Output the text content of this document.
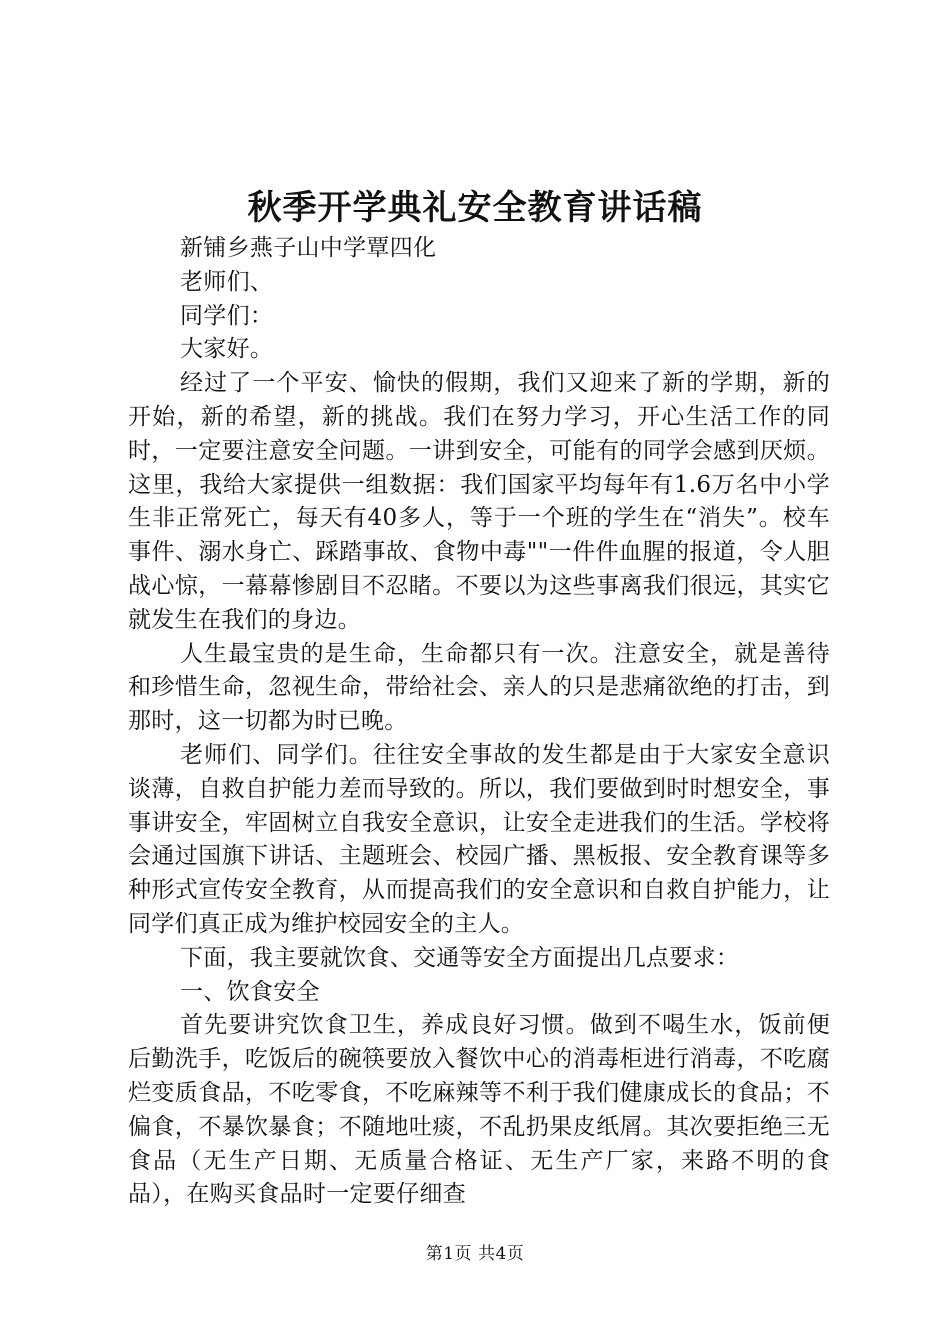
秋季开学典礼安全教育讲话稿

新铺乡燕子山中学覃四化

老师们、

同学们：

大家好。

经过了一个平安、愉快的假期，我们又迎来了新的学期，新的开始，新的希望，新的挑战。我们在努力学习，开心生活工作的同时，一定要注意安全问题。一讲到安全，可能有的同学会感到厌烦。这里，我给大家提供一组数据：我们国家平均每年有1.6万名中小学生非正常死亡，每天有40多人，等于一个班的学生在“消失”。校车事件、溺水身亡、踩踏事故、食物中毒""一件件血腥的报道，令人胆战心惊，一幕幕惨剧目不忍睹。不要以为这些事离我们很远，其实它就发生在我们的身边。

人生最宝贵的是生命，生命都只有一次。注意安全，就是善待和珍惜生命，忽视生命，带给社会、亲人的只是悲痛欲绝的打击，到那时，这一切都为时已晚。

老师们、同学们。往往安全事故的发生都是由于大家安全意识谈薄，自救自护能力差而导致的。所以，我们要做到时时想安全，事事讲安全，牢固树立自我安全意识，让安全走进我们的生活。学校将会通过国旗下讲话、主题班会、校园广播、黑板报、安全教育课等多种形式宣传安全教育，从而提高我们的安全意识和自救自护能力，让同学们真正成为维护校园安全的主人。

下面，我主要就饮食、交通等安全方面提出几点要求：

一、饮食安全

首先要讲究饮食卫生，养成良好习惯。做到不喝生水，饭前便后勤洗手，吃饭后的碗筷要放入餐饮中心的消毒柜进行消毒，不吃腐烂变质食品，不吃零食，不吃麻辣等不利于我们健康成长的食品；不偏食，不暴饮暴食；不随地吐痰，不乱扔果皮纸屑。其次要拒绝三无食品（无生产日期、无质量合格证、无生产厂家，来路不明的食品），在购买食品时一定要仔细查

第1页 共4页
